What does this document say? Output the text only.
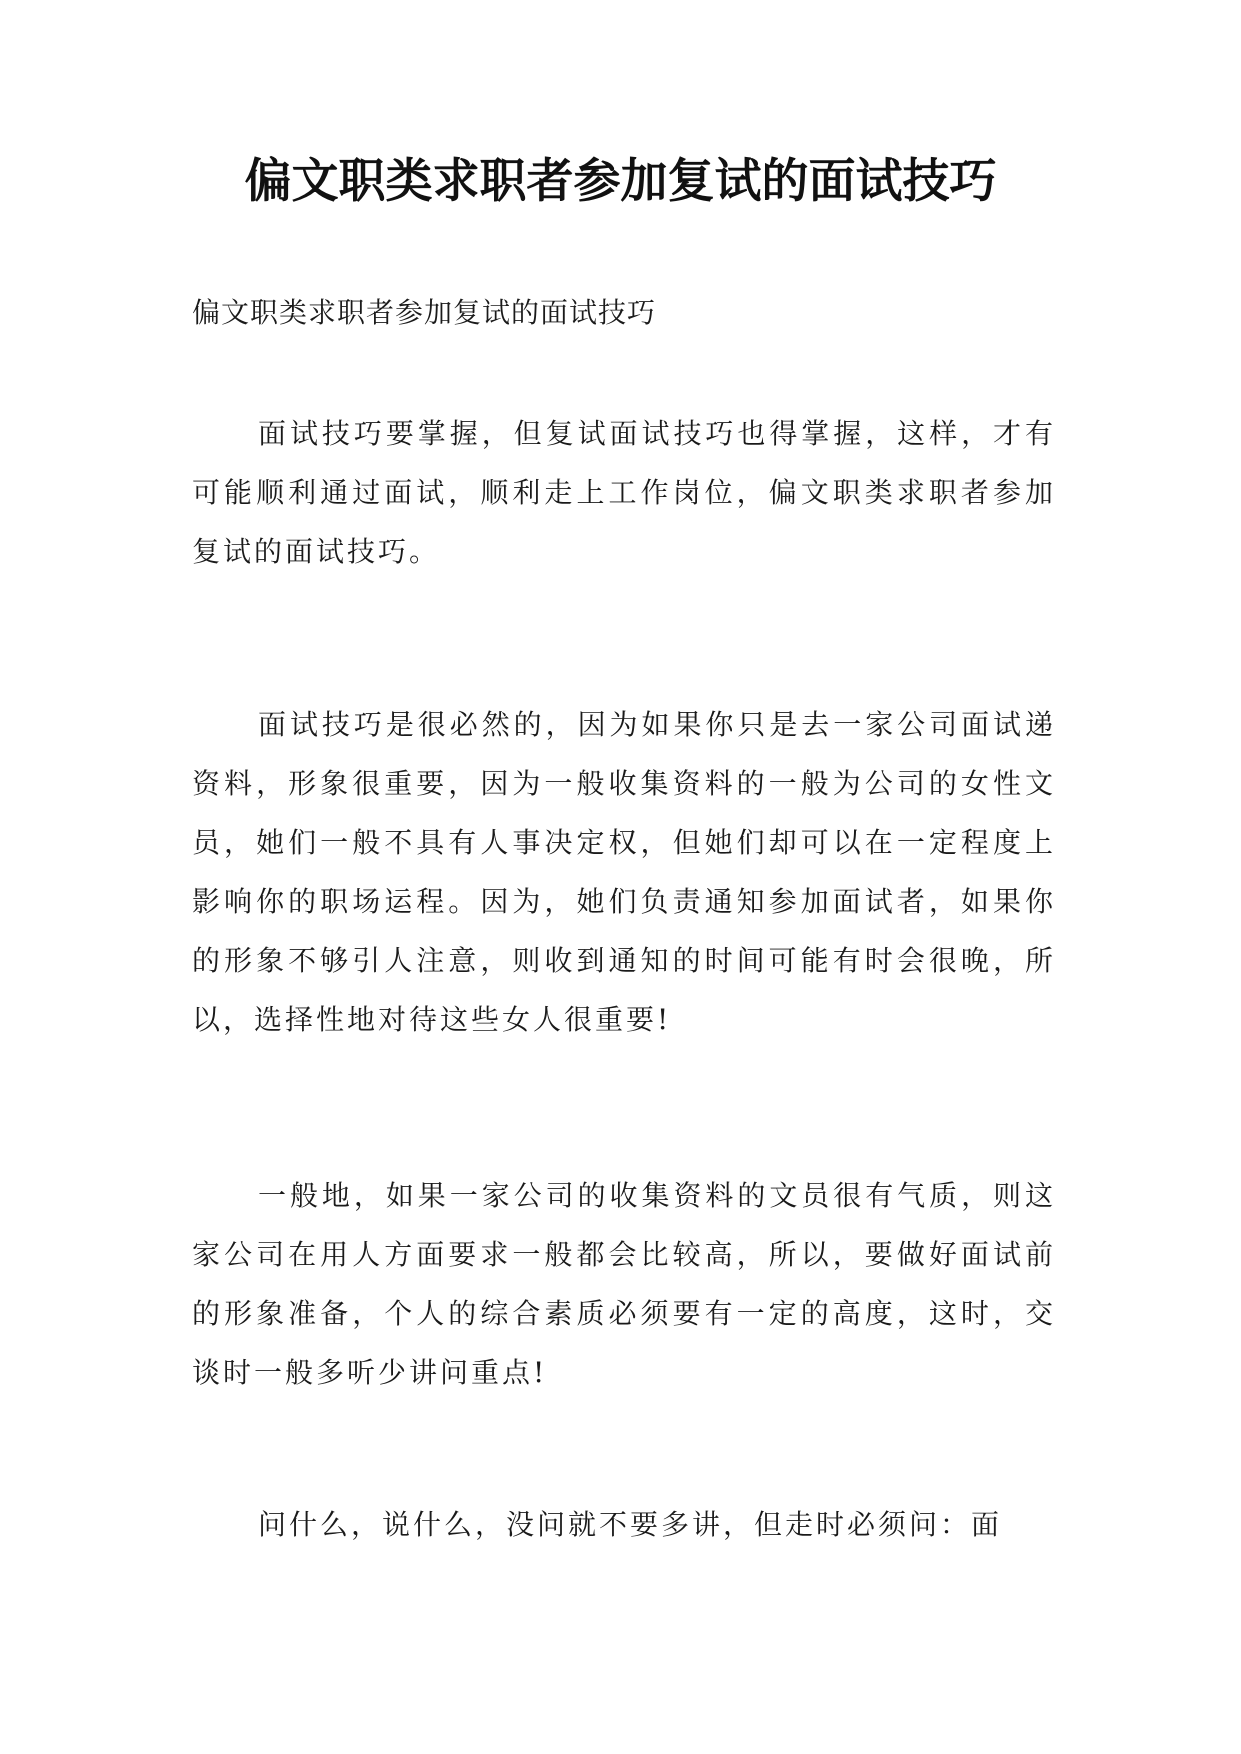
偏文职类求职者参加复试的面试技巧

偏文职类求职者参加复试的面试技巧

面试技巧要掌握，但复试面试技巧也得掌握，这样，才有可能顺利通过面试，顺利走上工作岗位，偏文职类求职者参加复试的面试技巧。

面试技巧是很必然的，因为如果你只是去一家公司面试递资料，形象很重要，因为一般收集资料的一般为公司的女性文员，她们一般不具有人事决定权，但她们却可以在一定程度上影响你的职场运程。因为，她们负责通知参加面试者，如果你的形象不够引人注意，则收到通知的时间可能有时会很晚，所以，选择性地对待这些女人很重要!

一般地，如果一家公司的收集资料的文员很有气质，则这家公司在用人方面要求一般都会比较高，所以，要做好面试前的形象准备，个人的综合素质必须要有一定的高度，这时，交谈时一般多听少讲问重点!

问什么，说什么，没问就不要多讲，但走时必须问：面
